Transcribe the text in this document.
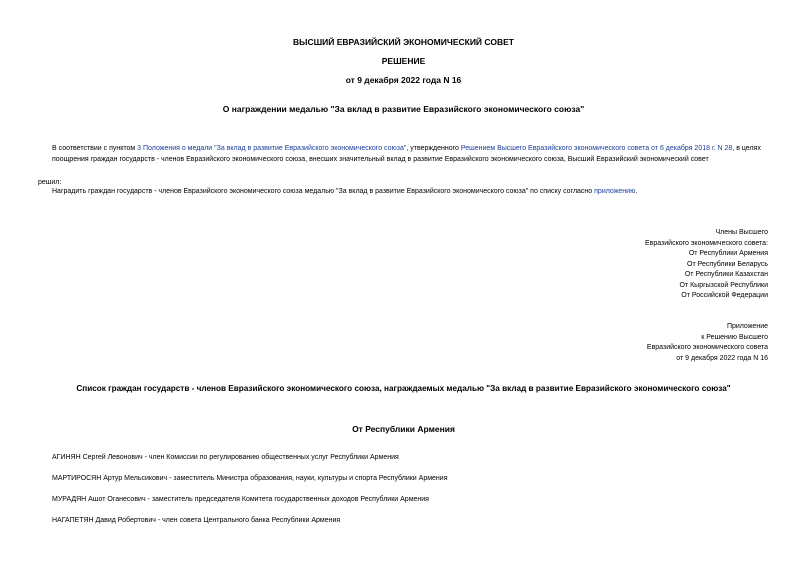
ВЫСШИЙ ЕВРАЗИЙСКИЙ ЭКОНОМИЧЕСКИЙ СОВЕТ
РЕШЕНИЕ
от 9 декабря 2022 года N 16
О награждении медалью "За вклад в развитие Евразийского экономического союза"
В соответствии с пунктом 3 Положения о медали "За вклад в развитие Евразийского экономического союза", утвержденного Решением Высшего Евразийского экономического совета от 6 декабря 2018 г. N 28, в целях поощрения граждан государств - членов Евразийского экономического союза, внесших значительный вклад в развитие Евразийского экономического союза, Высший Евразийский экономический совет
решил:
Наградить граждан государств - членов Евразийского экономического союза медалью "За вклад в развитие Евразийского экономического союза" по списку согласно приложению.
Члены Высшего
Евразийского экономического совета:
От Республики Армения
От Республики Беларусь
От Республики Казахстан
От Кыргызской Республики
От Российской Федерации
Приложение
к Решению Высшего
Евразийского экономического совета
от 9 декабря 2022 года N 16
Список граждан государств - членов Евразийского экономического союза, награждаемых медалью "За вклад в развитие Евразийского экономического союза"
От Республики Армения
АГИНЯН Сергей Левонович - член Комиссии по регулированию общественных услуг Республики Армения
МАРТИРОСЯН Артур Мельсикович - заместитель Министра образования, науки, культуры и спорта Республики Армения
МУРАДЯН Ашот Оганесович - заместитель председателя Комитета государственных доходов Республики Армения
НАГАПЕТЯН Давид Робертович - член совета Центрального банка Республики Армения
